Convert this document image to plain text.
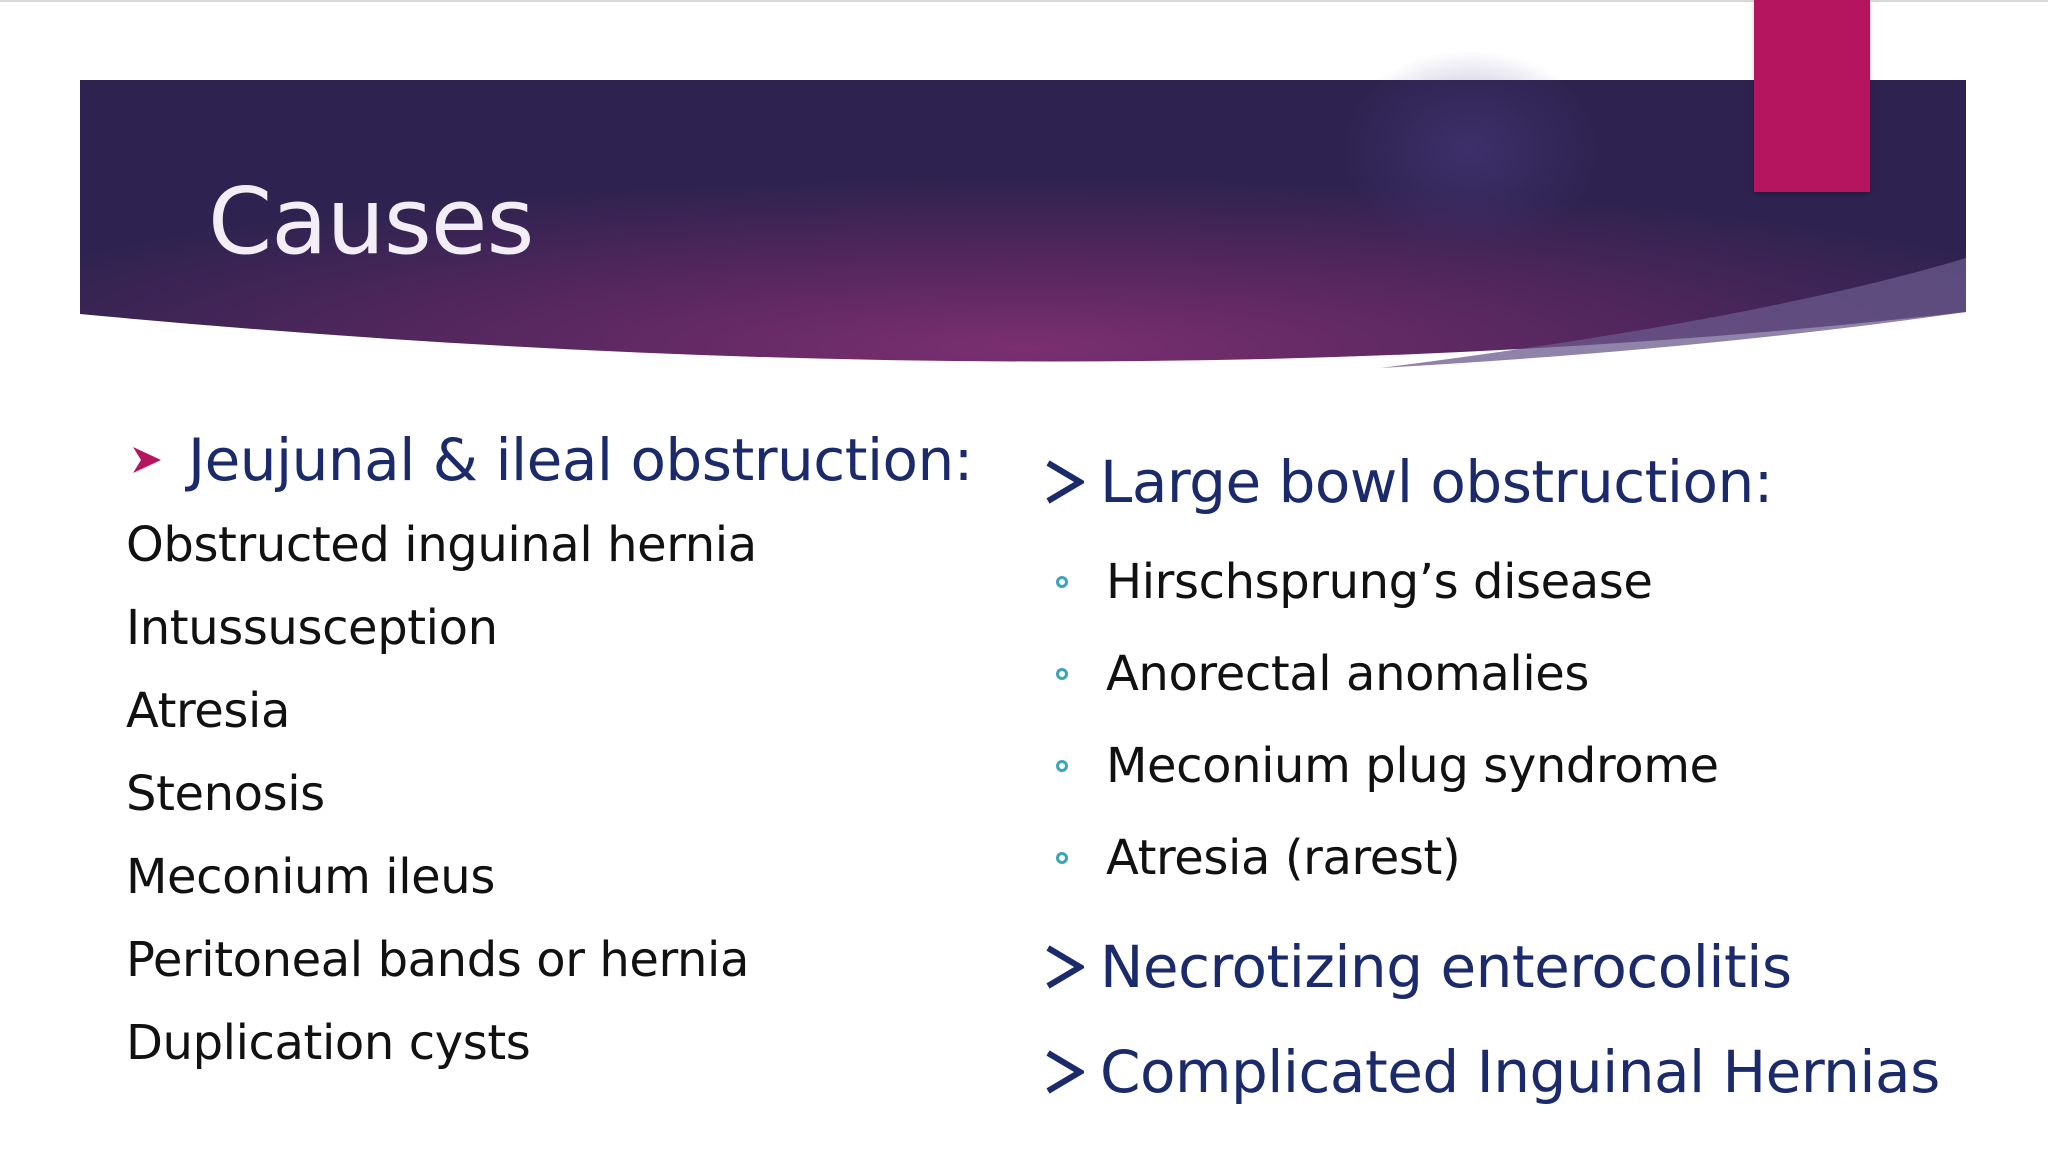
Causes
Jeujunal & ileal obstruction:
Obstructed inguinal hernia
Intussusception
Atresia
Stenosis
Meconium ileus
Peritoneal bands or hernia
Duplication cysts
Large bowl obstruction:
Hirschsprung’s disease
Anorectal anomalies
Meconium plug syndrome
Atresia (rarest)
Necrotizing enterocolitis
Complicated Inguinal Hernias
